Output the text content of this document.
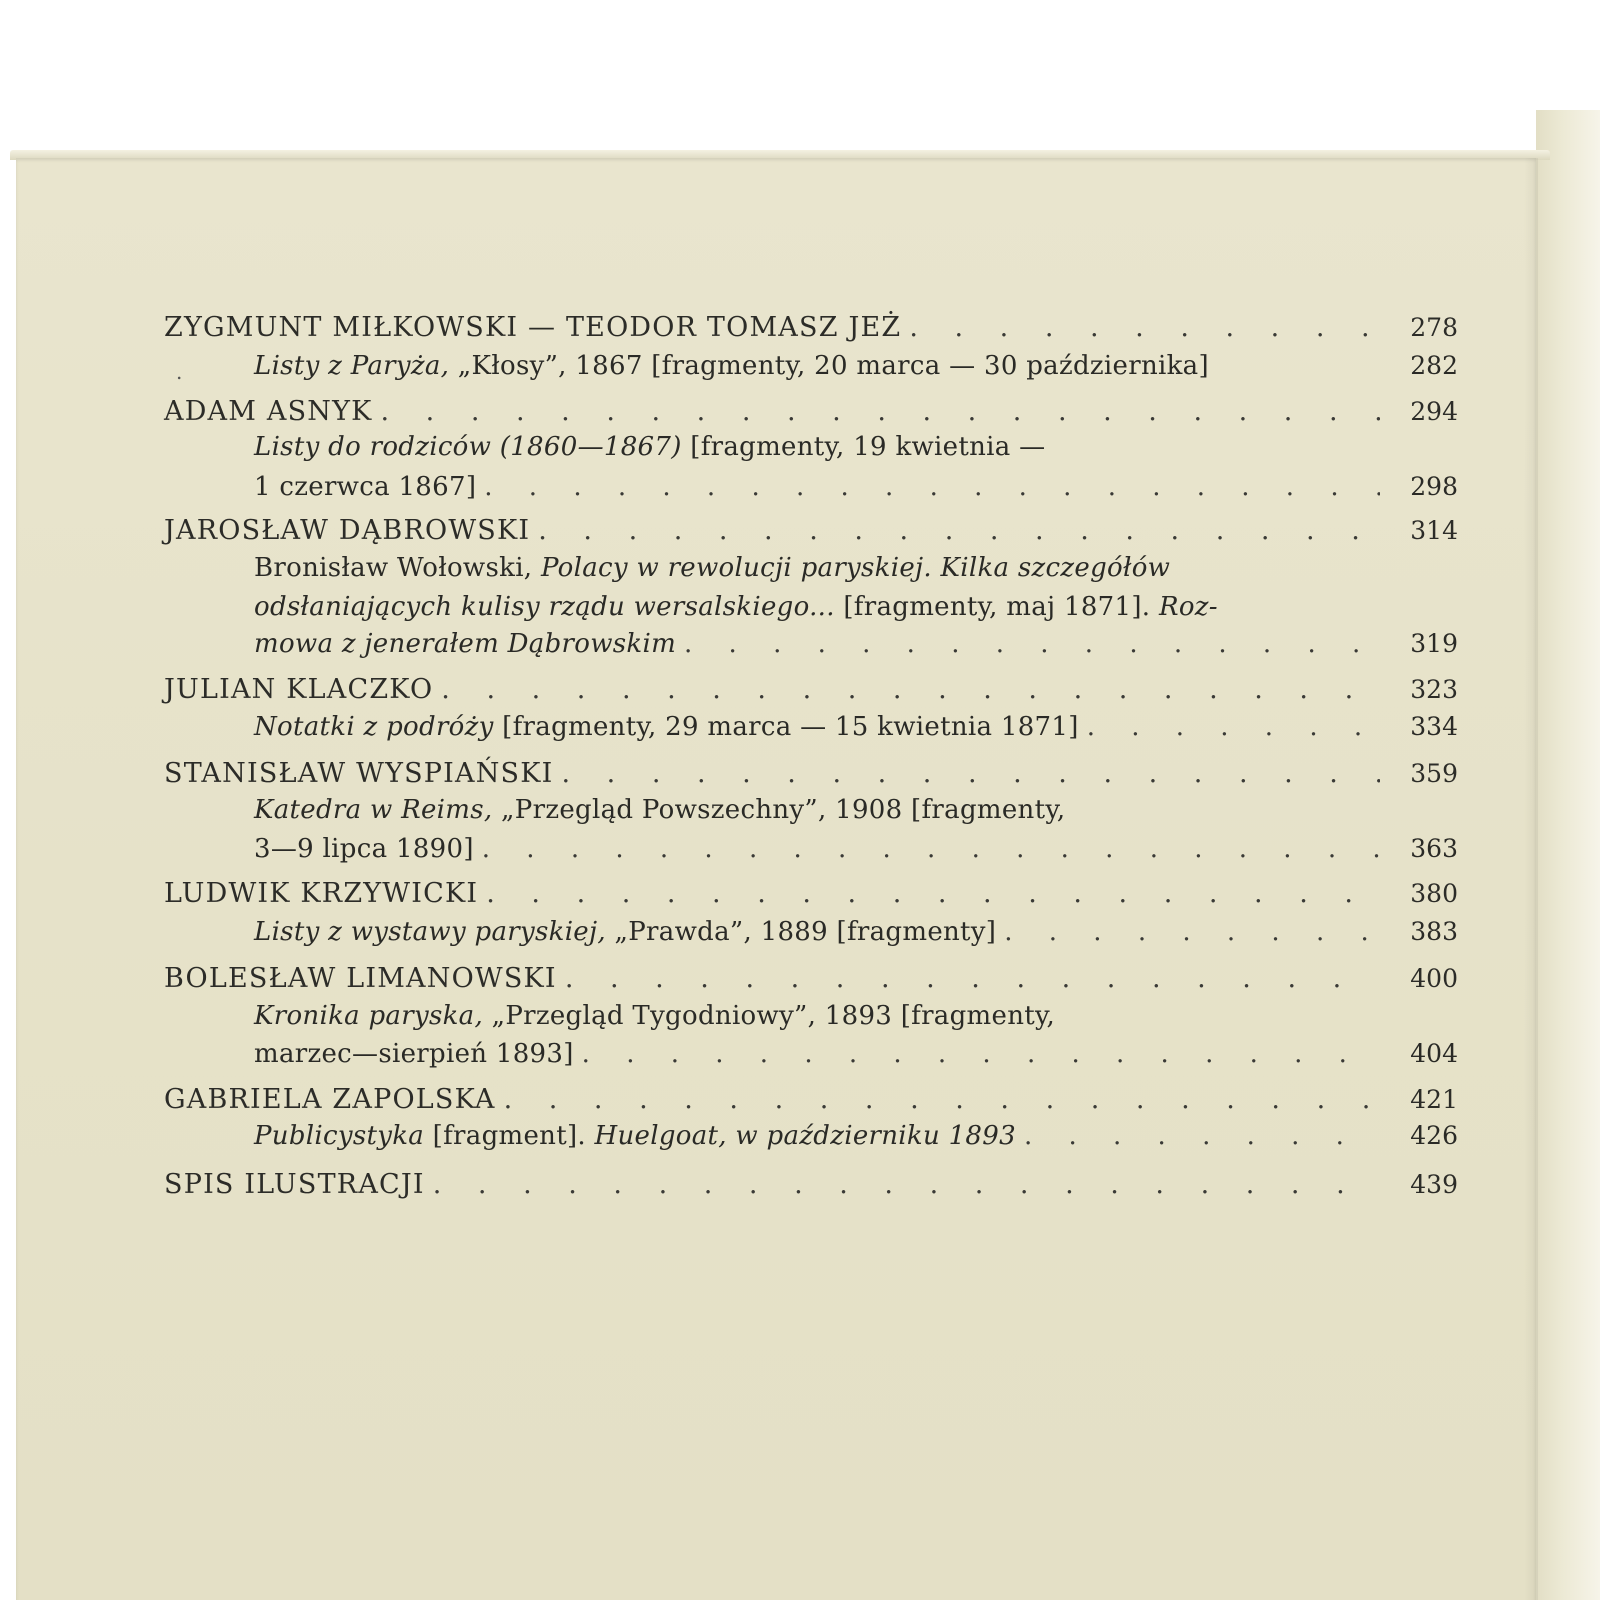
ZYGMUNT MIŁKOWSKI — TEODOR TOMASZ JEŻ . . .	278
.	Listy z Paryża, „Kłosy”, 1867 [fragmenty, 20 marca — 30 października]	282
ADAM ASNYK . . .	294
Listy do rodziców (1860—1867) [fragmenty, 19 kwietnia —
1 czerwca 1867] . . .	298
JAROSŁAW DĄBROWSKI . . .	314
Bronisław Wołowski, Polacy w rewolucji paryskiej. Kilka szczegółów
odsłaniających kulisy rządu wersalskiego... [fragmenty, maj 1871]. Roz-
mowa z jenerałem Dąbrowskim . . .	319
JULIAN KLACZKO . . .	323
Notatki z podróży [fragmenty, 29 marca — 15 kwietnia 1871] . . .	334
STANISŁAW WYSPIAŃSKI . . .	359
Katedra w Reims, „Przegląd Powszechny”, 1908 [fragmenty,
3—9 lipca 1890] . . .	363
LUDWIK KRZYWICKI . . .	380
Listy z wystawy paryskiej, „Prawda”, 1889 [fragmenty] . . .	383
BOLESŁAW LIMANOWSKI . . .	400
Kronika paryska, „Przegląd Tygodniowy”, 1893 [fragmenty,
marzec—sierpień 1893] . . .	404
GABRIELA ZAPOLSKA . . .	421
Publicystyka [fragment]. Huelgoat, w październiku 1893 . . .	426
SPIS ILUSTRACJI . . .	439
